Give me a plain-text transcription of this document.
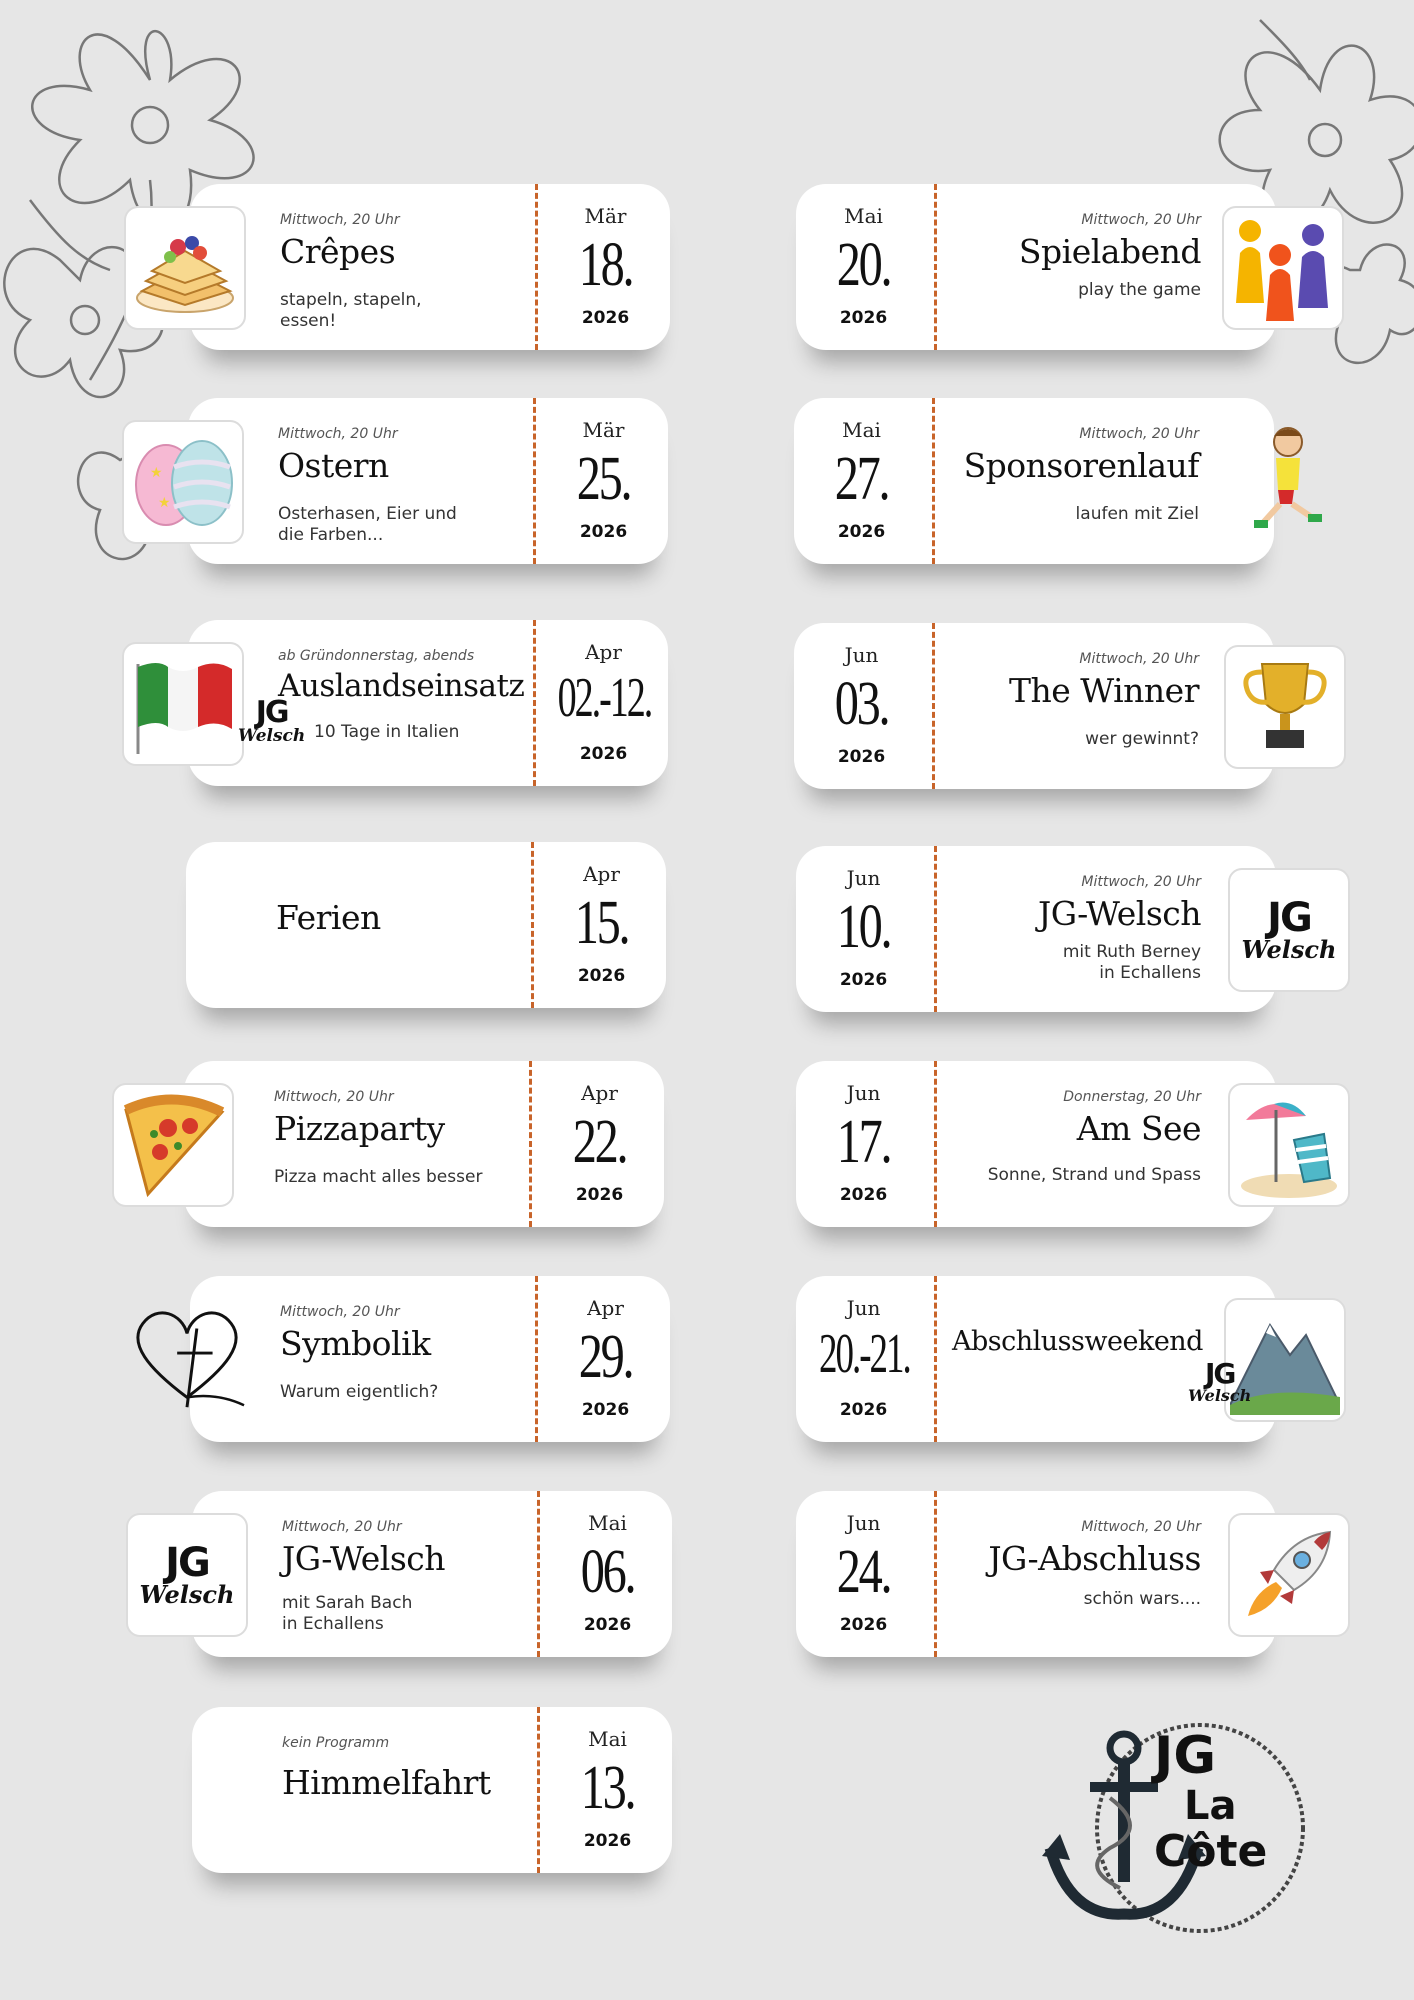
Mittwoch, 20 Uhr
Crêpes
stapeln, stapeln,
essen!
Mär
18.
2026
★
★
Mittwoch, 20 Uhr
Ostern
Osterhasen, Eier und
die Farben...
Mär
25.
2026
JG
Welsch
ab Gründonnerstag, abends
Auslandseinsatz
10 Tage in Italien
Apr
02.-12.
2026
Ferien
Apr
15.
2026
Mittwoch, 20 Uhr
Pizzaparty
Pizza macht alles besser
Apr
22.
2026
Mittwoch, 20 Uhr
Symbolik
Warum eigentlich?
Apr
29.
2026
JG
Welsch
Mittwoch, 20 Uhr
JG-Welsch
mit Sarah Bach
in Echallens
Mai
06.
2026
kein Programm
Himmelfahrt
Mai
13.
2026
Mai
20.
2026
Mittwoch, 20 Uhr
Spielabend
play the game
Mai
27.
2026
Mittwoch, 20 Uhr
Sponsorenlauf
laufen mit Ziel
Jun
03.
2026
Mittwoch, 20 Uhr
The Winner
wer gewinnt?
Jun
10.
2026
Mittwoch, 20 Uhr
JG-Welsch
mit Ruth Berney
in Echallens
JG
Welsch
Jun
17.
2026
Donnerstag, 20 Uhr
Am See
Sonne, Strand und Spass
Jun
20.-21.
2026
Abschlussweekend
JG
Welsch
Jun
24.
2026
Mittwoch, 20 Uhr
JG-Abschluss
schön wars....
JG
La
Côte
